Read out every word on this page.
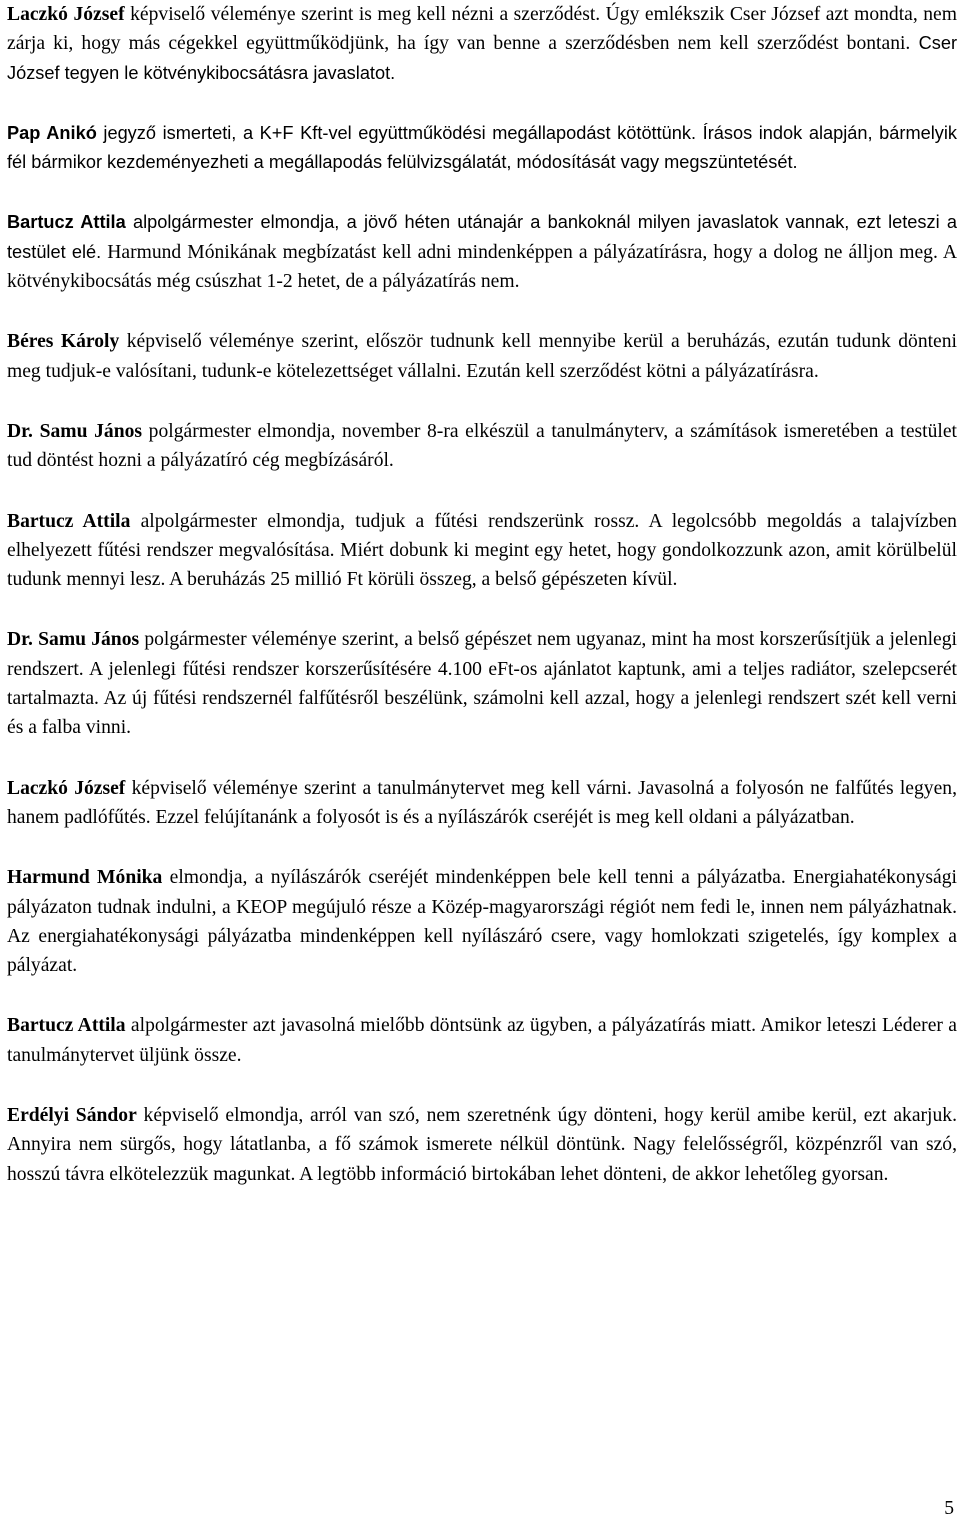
Laczkó József képviselő véleménye szerint is meg kell nézni a szerződést. Úgy emlékszik Cser József azt mondta, nem zárja ki, hogy más cégekkel együttműködjünk, ha így van benne a szerződésben nem kell szerződést bontani. Cser József tegyen le kötvénykibocsátásra javaslatot.

Pap Anikó jegyző ismerteti, a K+F Kft-vel együttműködési megállapodást kötöttünk. Írásos indok alapján, bármelyik fél bármikor kezdeményezheti a megállapodás felülvizsgálatát, módosítását vagy megszüntetését.

Bartucz Attila alpolgármester elmondja, a jövő héten utánajár a bankoknál milyen javaslatok vannak, ezt leteszi a testület elé. Harmund Mónikának megbízatást kell adni mindenképpen a pályázatírásra, hogy a dolog ne álljon meg. A kötvénykibocsátás még csúszhat 1-2 hetet, de a pályázatírás nem.

Béres Károly képviselő véleménye szerint, először tudnunk kell mennyibe kerül a beruházás, ezután tudunk dönteni meg tudjuk-e valósítani, tudunk-e kötelezettséget vállalni. Ezután kell szerződést kötni a pályázatírásra.

Dr. Samu János polgármester elmondja, november 8-ra elkészül a tanulmányterv, a számítások ismeretében a testület tud döntést hozni a pályázatíró cég megbízásáról.

Bartucz Attila alpolgármester elmondja, tudjuk a fűtési rendszerünk rossz. A legolcsóbb megoldás a talajvízben elhelyezett fűtési rendszer megvalósítása. Miért dobunk ki megint egy hetet, hogy gondolkozzunk azon, amit körülbelül tudunk mennyi lesz. A beruházás 25 millió Ft körüli összeg, a belső gépészeten kívül.

Dr. Samu János polgármester véleménye szerint, a belső gépészet nem ugyanaz, mint ha most korszerűsítjük a jelenlegi rendszert. A jelenlegi fűtési rendszer korszerűsítésére 4.100 eFt-os ajánlatot kaptunk, ami a teljes radiátor, szelepcserét tartalmazta. Az új fűtési rendszernél falfűtésről beszélünk, számolni kell azzal, hogy a jelenlegi rendszert szét kell verni és a falba vinni.

Laczkó József képviselő véleménye szerint a tanulmánytervet meg kell várni. Javasolná a folyosón ne falfűtés legyen, hanem padlófűtés. Ezzel felújítanánk a folyosót is és a nyílászárók cseréjét is meg kell oldani a pályázatban.

Harmund Mónika elmondja, a nyílászárók cseréjét mindenképpen bele kell tenni a pályázatba. Energiahatékonysági pályázaton tudnak indulni, a KEOP megújuló része a Közép-magyarországi régiót nem fedi le, innen nem pályázhatnak. Az energiahatékonysági pályázatba mindenképpen kell nyílászáró csere, vagy homlokzati szigetelés, így komplex a pályázat.

Bartucz Attila alpolgármester azt javasolná mielőbb döntsünk az ügyben, a pályázatírás miatt. Amikor leteszi Léderer a tanulmánytervet üljünk össze.

Erdélyi Sándor képviselő elmondja, arról van szó, nem szeretnénk úgy dönteni, hogy kerül amibe kerül, ezt akarjuk. Annyira nem sürgős, hogy látatlanba, a fő számok ismerete nélkül döntünk. Nagy felelősségről, közpénzről van szó, hosszú távra elkötelezzük magunkat. A legtöbb információ birtokában lehet dönteni, de akkor lehetőleg gyorsan.

5
